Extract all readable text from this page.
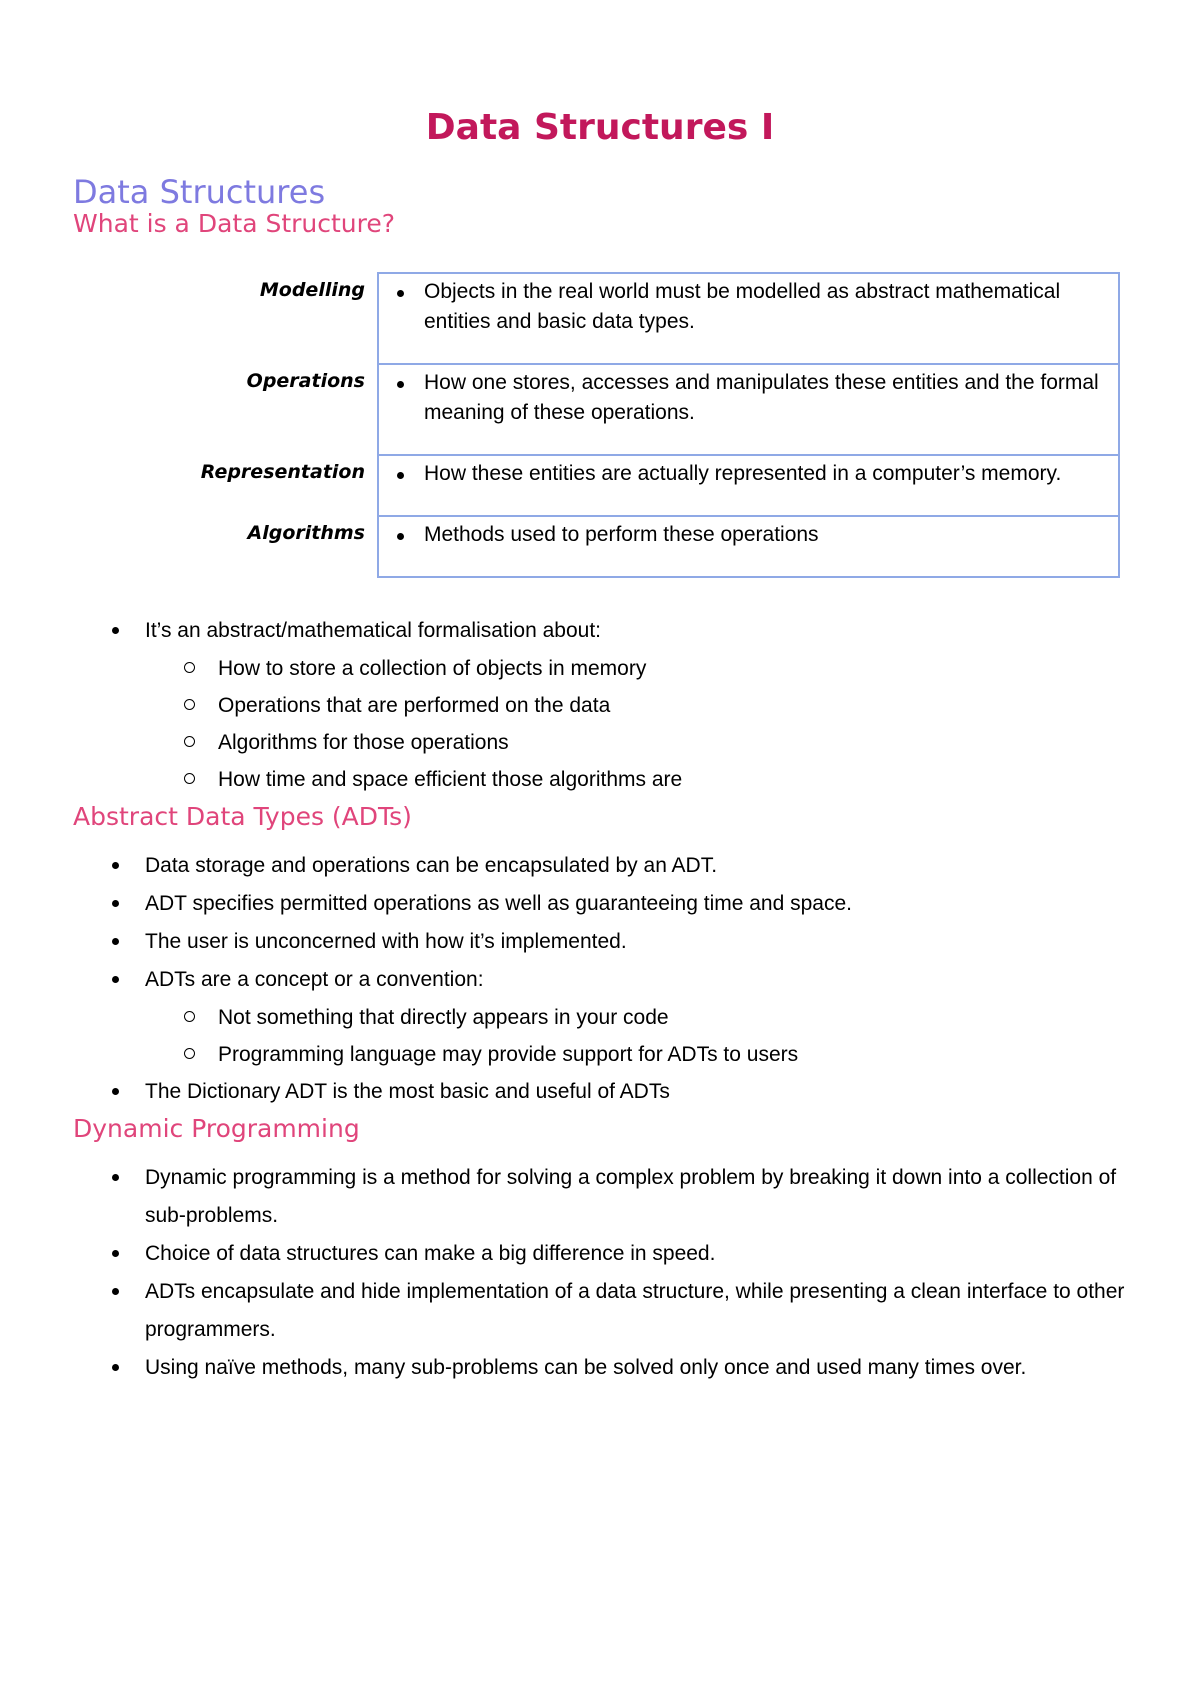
Data Structures I
Data Structures
What is a Data Structure?
Modelling	Objects in the real world must be modelled as abstract mathematical entities and basic data types.
Operations	How one stores, accesses and manipulates these entities and the formal meaning of these operations.
Representation	How these entities are actually represented in a computer’s memory.
Algorithms	Methods used to perform these operations
It’s an abstract/mathematical formalisation about:
How to store a collection of objects in memory
Operations that are performed on the data
Algorithms for those operations
How time and space efficient those algorithms are
Abstract Data Types (ADTs)
Data storage and operations can be encapsulated by an ADT.
ADT specifies permitted operations as well as guaranteeing time and space.
The user is unconcerned with how it’s implemented.
ADTs are a concept or a convention:
Not something that directly appears in your code
Programming language may provide support for ADTs to users
The Dictionary ADT is the most basic and useful of ADTs
Dynamic Programming
Dynamic programming is a method for solving a complex problem by breaking it down into a collection of sub-problems.
Choice of data structures can make a big difference in speed.
ADTs encapsulate and hide implementation of a data structure, while presenting a clean interface to other programmers.
Using naïve methods, many sub-problems can be solved only once and used many times over.
